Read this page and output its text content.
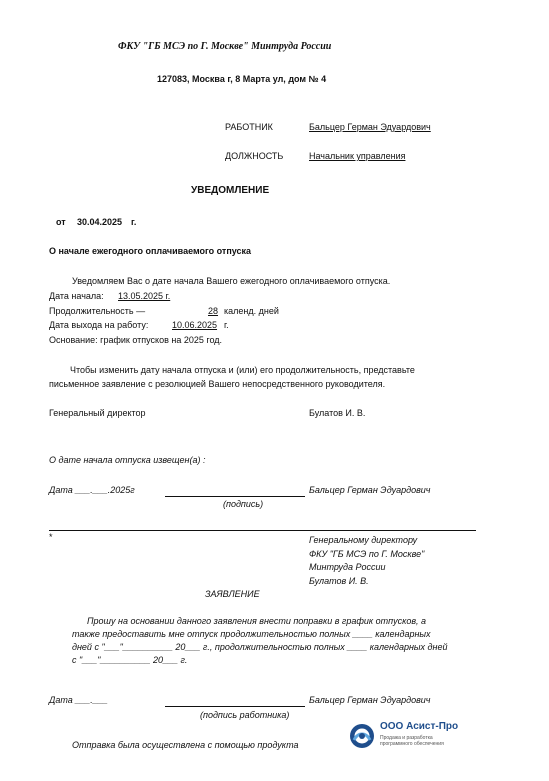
ФКУ "ГБ МСЭ по Г. Москве" Минтруда России
127083, Москва г, 8 Марта ул, дом № 4
РАБОТНИК	Бальцер Герман Эдуардович
ДОЛЖНОСТЬ	Начальник управления
УВЕДОМЛЕНИЕ
от 30.04.2025 г.
О начале ежегодного оплачиваемого отпуска
Уведомляем Вас о дате начала Вашего ежегодного оплачиваемого отпуска.
Дата начала: 13.05.2025 г.
Продолжительность —	28 календ. дней
Дата выхода на работу:	10.06.2025 г.
Основание: график отпусков на 2025 год.
Чтобы изменить дату начала отпуска и (или) его продолжительность, представьте
письменное заявление с резолюцией Вашего непосредственного руководителя.
Генеральный директор	Булатов И. В.
О дате начала отпуска извещен(а) :
Дата ___.___.2025г	Бальцер Герман Эдуардович
(подпись)
*	Генеральному директору
ФКУ "ГБ МСЭ по Г. Москве"
Минтруда России
Булатов И. В.
ЗАЯВЛЕНИЕ
Прошу на основании данного заявления внести поправки в график отпусков, а
также предоставить мне отпуск продолжительностью полных ____ календарных
дней с "___"__________ 20___ г., продолжительностью полных ____ календарных дней
с "___"__________ 20___ г.
Дата ___.___	Бальцер Герман Эдуардович
(подпись работника)
Отправка была осуществлена с помощью продукта
ООО Асист-Про
Продажа и разработка
программного обеспечения
